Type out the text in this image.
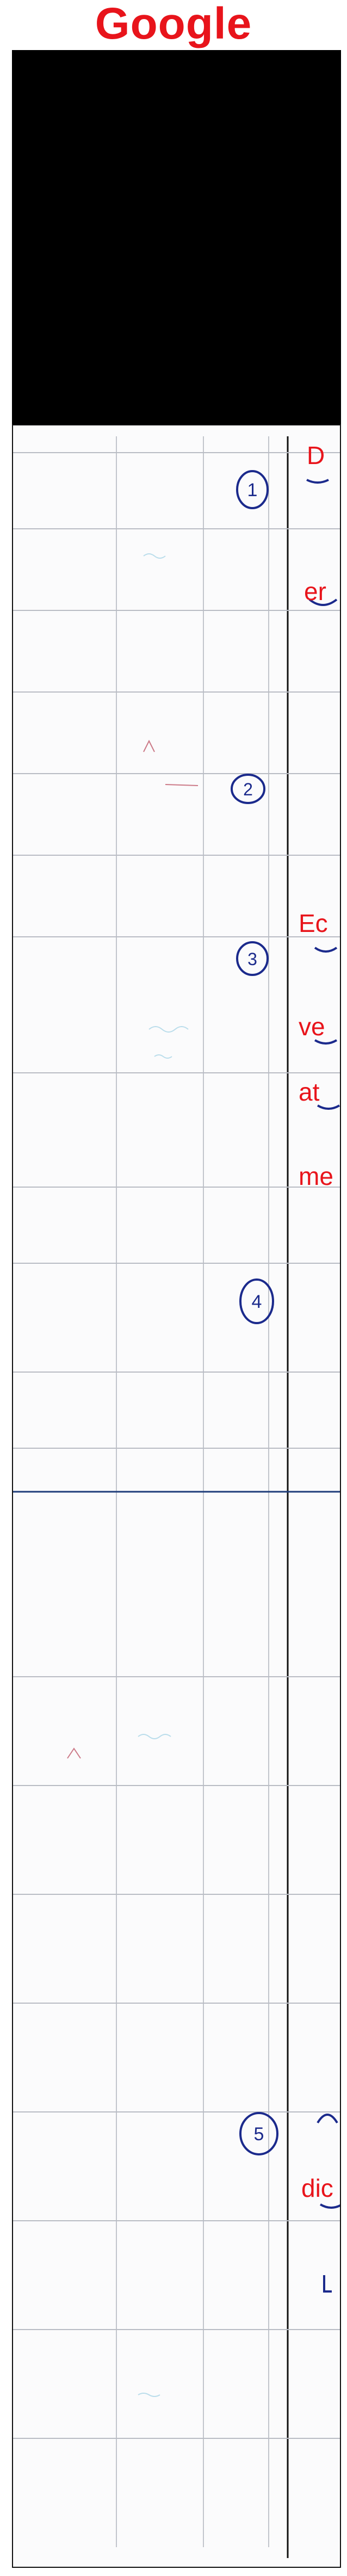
Google
1
2
3
4
5
D
er
Ec
ve
at
me
dic
